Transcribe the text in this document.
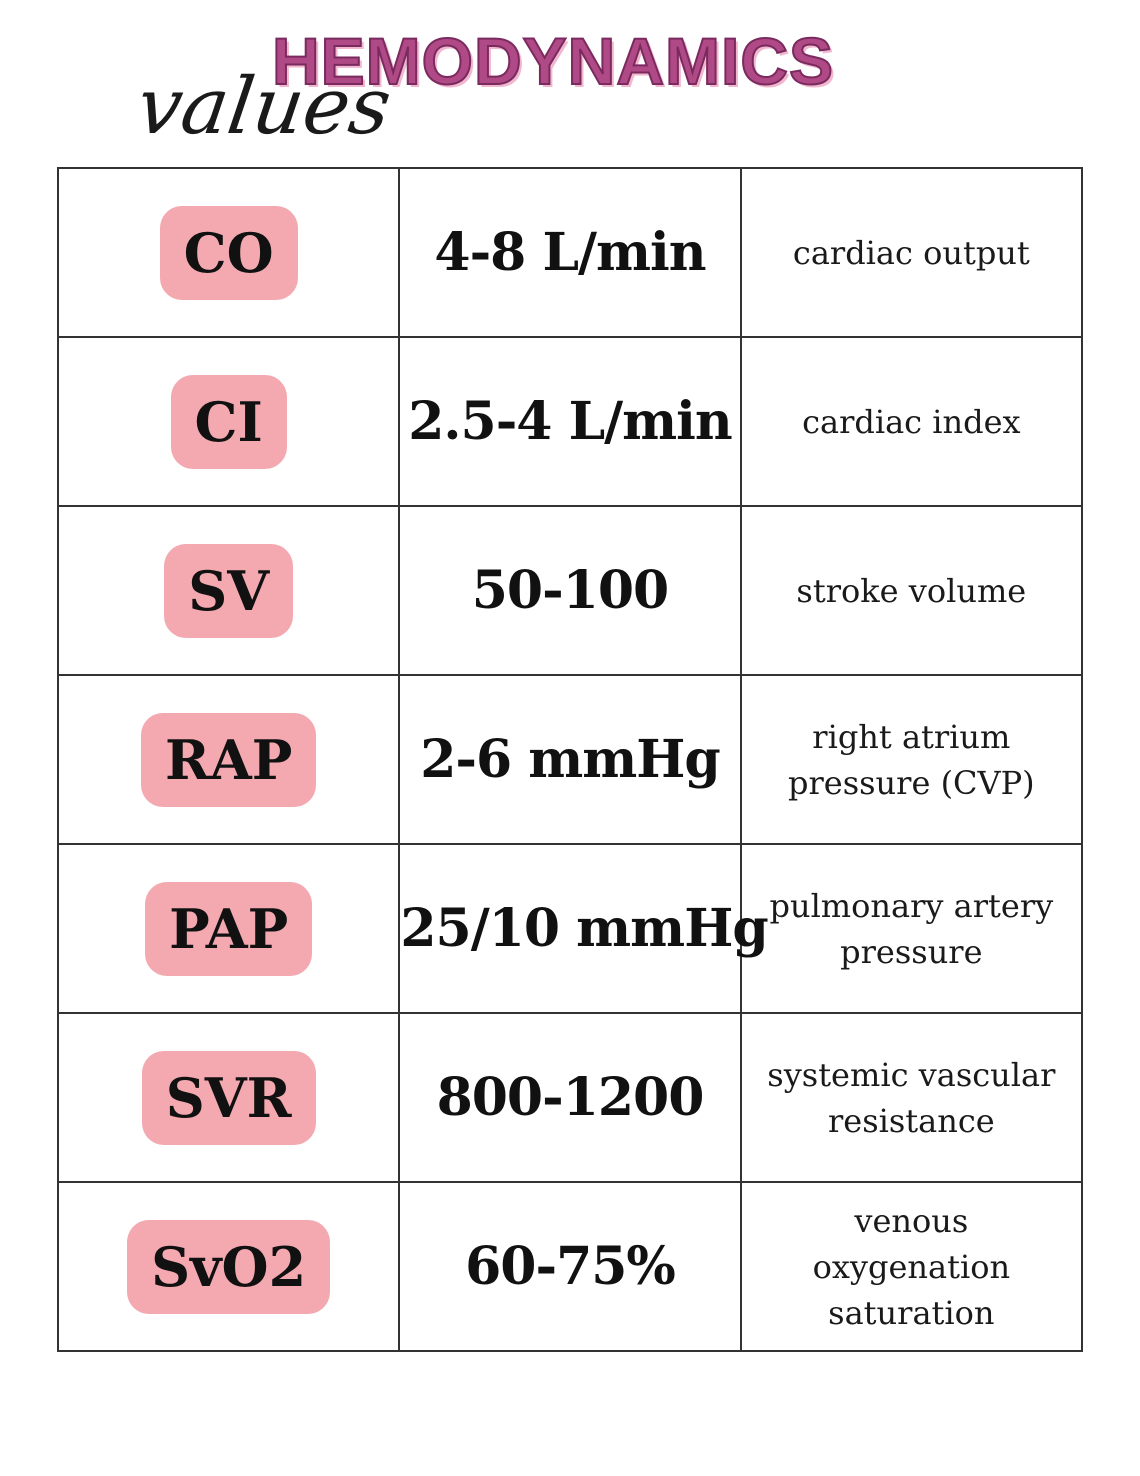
HEMODYNAMICS
values
CO	4-8 L/min	cardiac output

CI	2.5-4 L/min	cardiac index

SV	50-100	stroke volume

RAP	2-6 mmHg	right atrium pressure (CVP)

PAP	25/10 mmHg	pulmonary artery pressure

SVR	800-1200	systemic vascular resistance

SvO2	60-75%	venous oxygenation saturation
